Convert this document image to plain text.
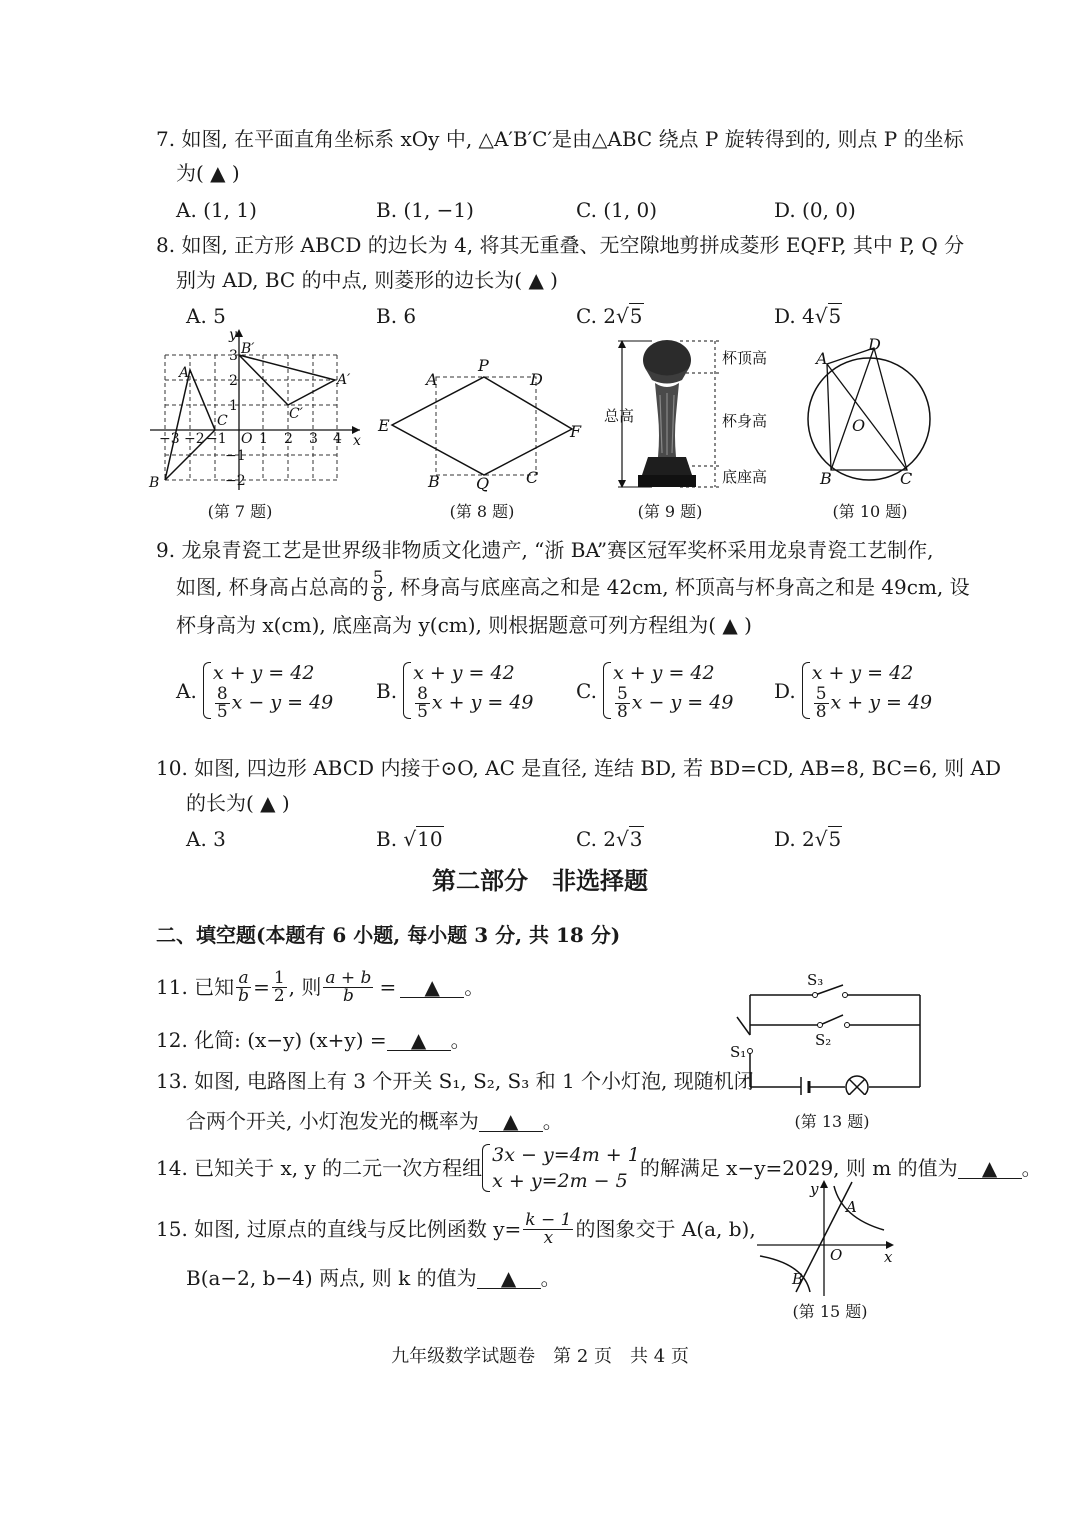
7. 如图, 在平面直角坐标系 xOy 中, △A′B′C′是由△ABC 绕点 P 旋转得到的, 则点 P 的坐标
为( ▲ )
A. (1, 1)	B. (1, −1)	C. (1, 0)	D. (0, 0)
8. 如图, 正方形 ABCD 的边长为 4, 将其无重叠、无空隙地剪拼成菱形 EQFP, 其中 P, Q 分
别为 AD, BC 的中点, 则菱形的边长为( ▲ )
A. 5	B. 6	C. 2√5	D. 4√5
y
x
B′
A′
C′
A
C
B
O
3
2
1
−1
−2
−3 −2 −1 1 2 3 4
(第 7 题)
A
P
D
E	F
B Q C
(第 8 题)
杯顶高
杯身高
底座高
总高
(第 9 题)
A
D
O
B	C
(第 10 题)
9. 龙泉青瓷工艺是世界级非物质文化遗产, “浙 BA”赛区冠军奖杯采用龙泉青瓷工艺制作,
如图, 杯身高占总高的 $\frac{5}{8}$ , 杯身高与底座高之和是 42cm, 杯顶高与杯身高之和是 49cm, 设
杯身高为 x(cm), 底座高为 y(cm), 则根据题意可列方程组为( ▲ )
A.
x + y = 42
$\frac{8}{5}$ x − y = 49 B.
x + y = 42
$\frac{8}{5}$ x + y = 49 C.
x + y = 42
$\frac{5}{8}$ x − y = 49 D.
x + y = 42
$\frac{5}{8}$ x + y = 49
10. 如图, 四边形 ABCD 内接于⊙O, AC 是直径, 连结 BD, 若 BD=CD, AB=8, BC=6, 则 AD
的长为( ▲ )
A. 3	B. √10	C. 2√3	D. 2√5
第二部分　非选择题
二、填空题(本题有 6 小题, 每小题 3 分, 共 18 分)
11. 已知 $\frac{a}{b} = \frac{1}{2}$ , 则 $\frac{a + b}{b}$ =	▲	。
12. 化简: (x−y) (x+y) = ▲ 。
13. 如图, 电路图上有 3 个开关 S₁, S₂, S₃ 和 1 个小灯泡, 现随机闭
合两个开关, 小灯泡发光的概率为 ▲ 。
S₃
S₂
S₁
(第 13 题)
14. 已知关于 x, y 的二元一次方程组
3x − y=4m + 1
x + y=2m − 5
的解满足 x−y=2029, 则 m 的值为	▲	。
15. 如图, 过原点的直线与反比例函数 $y= \frac{k - 1}{x}$ 的图象交于 A(a, b),
B(a−2, b−4) 两点, 则 k 的值为 ▲ 。
y
x
O
A
B
(第 15 题)
九年级数学试题卷　第 2 页　共 4 页
